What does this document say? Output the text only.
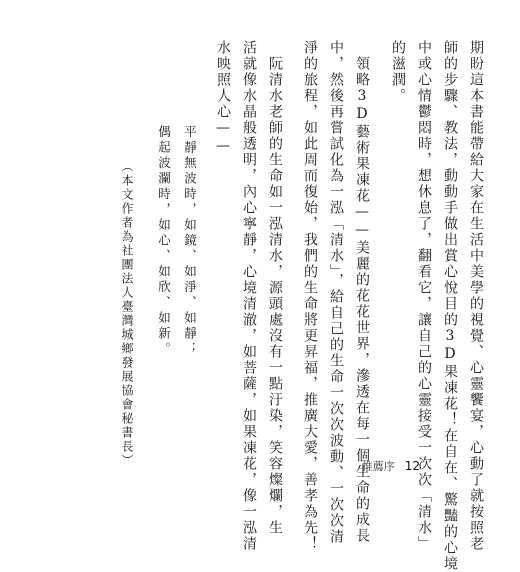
期盼這本書能帶給大家在生活中美學的視覺、心靈饗宴，心動了就按照老
師的步驟、教法，動動手做出賞心悅目的3D果凍花！在自在、驚豔的心境
中或心情鬱悶時，想休息了，翻看它，讓自己的心靈接受一次次「清水」
的滋潤。
　領略3D藝術果凍花——美麗的花花世界，滲透在每一個生命的成長
中，然後再嘗試化為一泓「清水」，給自己的生命一次次波動、一次次清
淨的旅程，如此周而復始，我們的生命將更昇福，推廣大愛，善孝為先！
　阮清水老師的生命如一泓清水，源頭處沒有一點汙染，笑容燦爛，生
活就像水晶般透明，內心寧靜，心境清澈，如菩薩，如果凍花，像一泓清
水映照人心——
平靜無波時，如鏡、如淨、如靜；
偶起波瀾時，如心、如欣、如新。
（本文作者為社團法人臺灣城鄉發展協會秘書長）	推薦序 12
